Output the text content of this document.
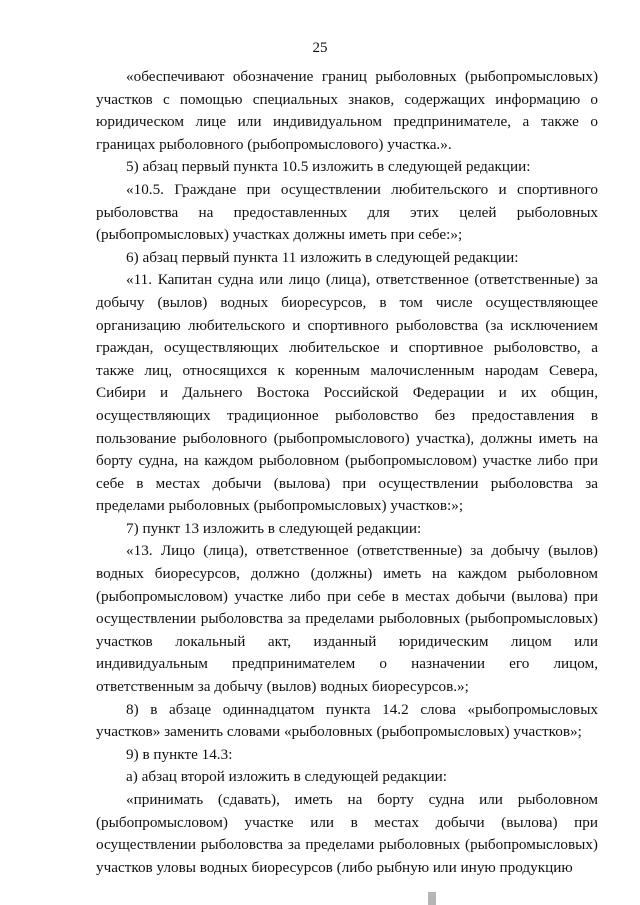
25

«обеспечивают обозначение границ рыболовных (рыбопромысловых) участков с помощью специальных знаков, содержащих информацию о юридическом лице или индивидуальном предпринимателе, а также о границах рыболовного (рыбопромыслового) участка.».

5) абзац первый пункта 10.5 изложить в следующей редакции:

«10.5. Граждане при осуществлении любительского и спортивного рыболовства на предоставленных для этих целей рыболовных (рыбопромысловых) участках должны иметь при себе:»;

6) абзац первый пункта 11 изложить в следующей редакции:

«11. Капитан судна или лицо (лица), ответственное (ответственные) за добычу (вылов) водных биоресурсов, в том числе осуществляющее организацию любительского и спортивного рыболовства (за исключением граждан, осуществляющих любительское и спортивное рыболовство, а также лиц, относящихся к коренным малочисленным народам Севера, Сибири и Дальнего Востока Российской Федерации и их общин, осуществляющих традиционное рыболовство без предоставления в пользование рыболовного (рыбопромыслового) участка), должны иметь на борту судна, на каждом рыболовном (рыбопромысловом) участке либо при себе в местах добычи (вылова) при осуществлении рыболовства за пределами рыболовных (рыбопромысловых) участков:»;

7) пункт 13 изложить в следующей редакции:

«13. Лицо (лица), ответственное (ответственные) за добычу (вылов) водных биоресурсов, должно (должны) иметь на каждом рыболовном (рыбопромысловом) участке либо при себе в местах добычи (вылова) при осуществлении рыболовства за пределами рыболовных (рыбопромысловых) участков локальный акт, изданный юридическим лицом или индивидуальным предпринимателем о назначении его лицом, ответственным за добычу (вылов) водных биоресурсов.»;

8) в абзаце одиннадцатом пункта 14.2 слова «рыбопромысловых участков» заменить словами «рыболовных (рыбопромысловых) участков»;

9) в пункте 14.3:

а) абзац второй изложить в следующей редакции:

«принимать (сдавать), иметь на борту судна или рыболовном (рыбопромысловом) участке или в местах добычи (вылова) при осуществлении рыболовства за пределами рыболовных (рыбопромысловых) участков уловы водных биоресурсов (либо рыбную или иную продукцию
